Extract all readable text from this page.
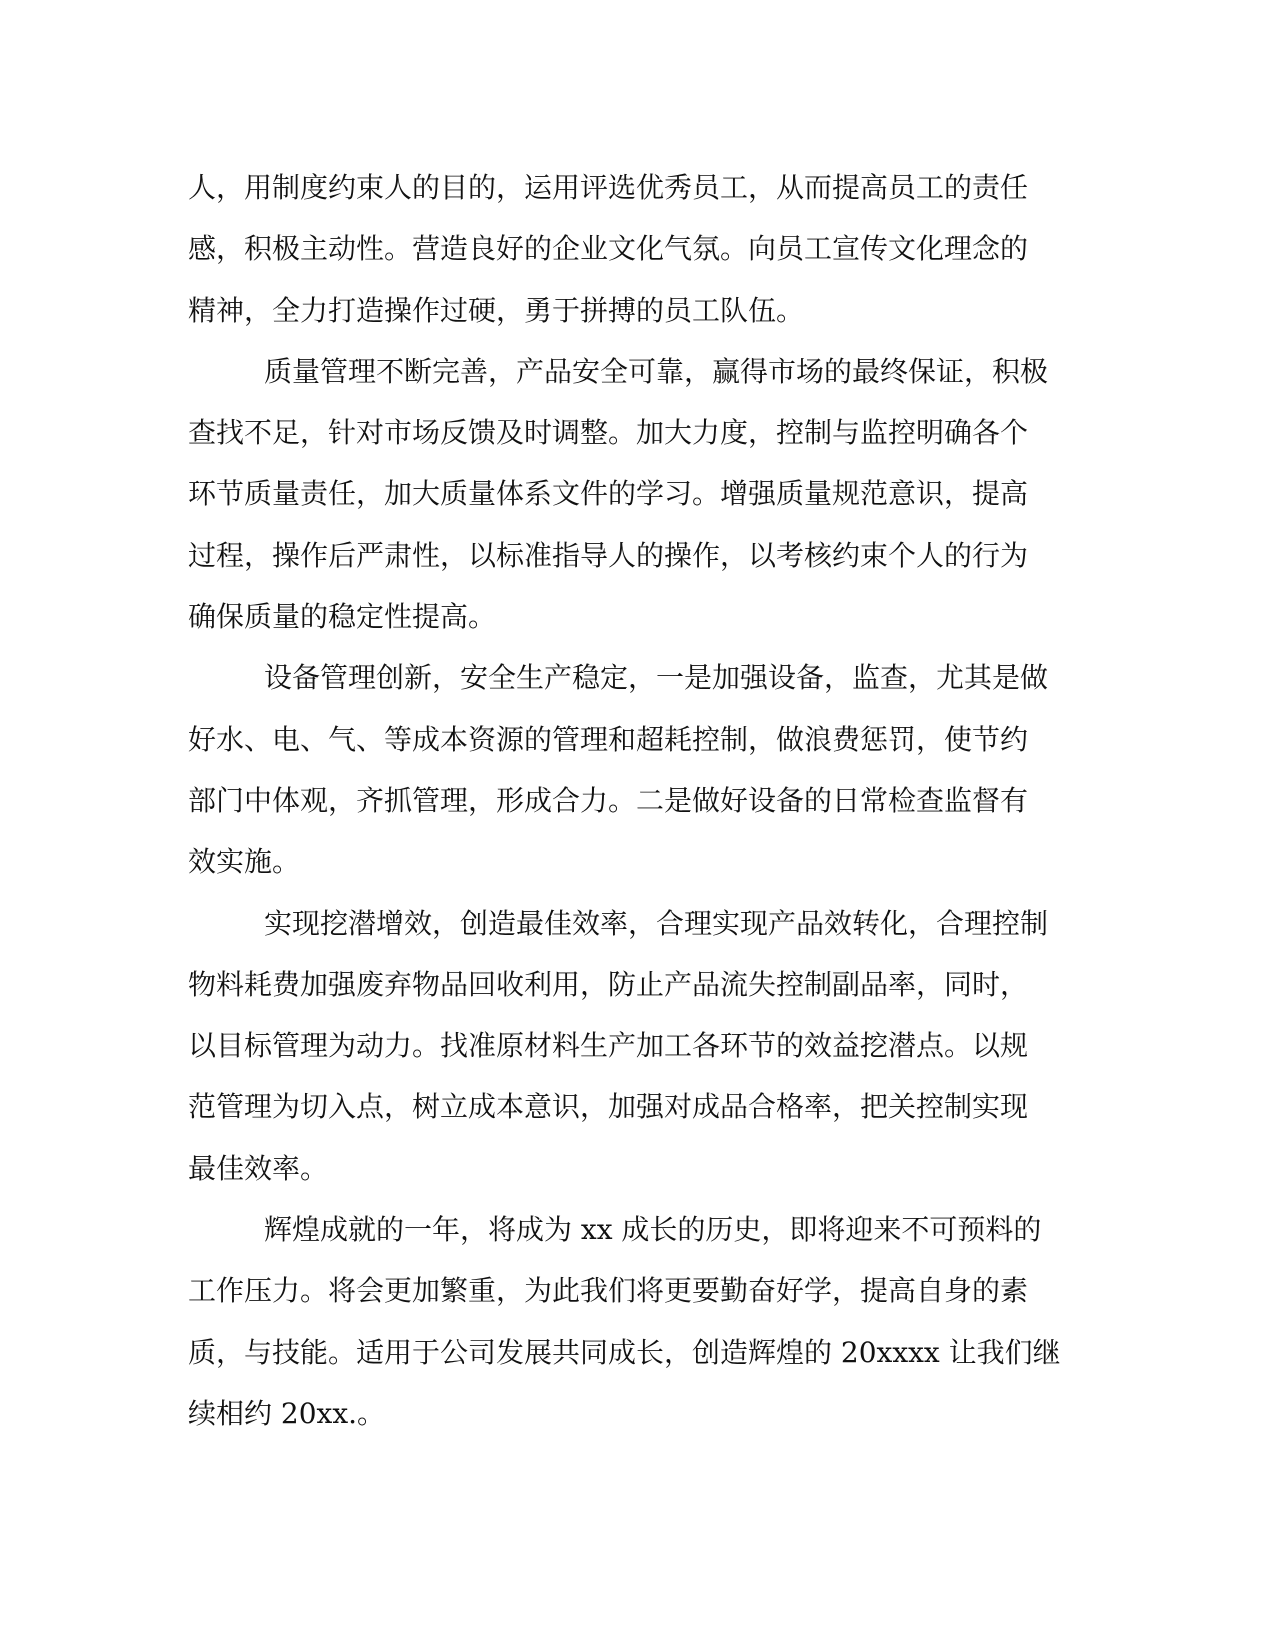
人，用制度约束人的目的，运用评选优秀员工，从而提高员工的责任
感，积极主动性。营造良好的企业文化气氛。向员工宣传文化理念的
精神，全力打造操作过硬，勇于拼搏的员工队伍。
质量管理不断完善，产品安全可靠，赢得市场的最终保证，积极
查找不足，针对市场反馈及时调整。加大力度，控制与监控明确各个
环节质量责任，加大质量体系文件的学习。增强质量规范意识，提高
过程，操作后严肃性，以标准指导人的操作，以考核约束个人的行为
确保质量的稳定性提高。
设备管理创新，安全生产稳定，一是加强设备，监查，尤其是做
好水、电、气、等成本资源的管理和超耗控制，做浪费惩罚，使节约
部门中体观，齐抓管理，形成合力。二是做好设备的日常检查监督有
效实施。
实现挖潜增效，创造最佳效率，合理实现产品效转化，合理控制
物料耗费加强废弃物品回收利用，防止产品流失控制副品率，同时，
以目标管理为动力。找准原材料生产加工各环节的效益挖潜点。以规
范管理为切入点，树立成本意识，加强对成品合格率，把关控制实现
最佳效率。
辉煌成就的一年，将成为 xx 成长的历史，即将迎来不可预料的
工作压力。将会更加繁重，为此我们将更要勤奋好学，提高自身的素
质，与技能。适用于公司发展共同成长，创造辉煌的 20xxxx 让我们继
续相约 20xx.。
